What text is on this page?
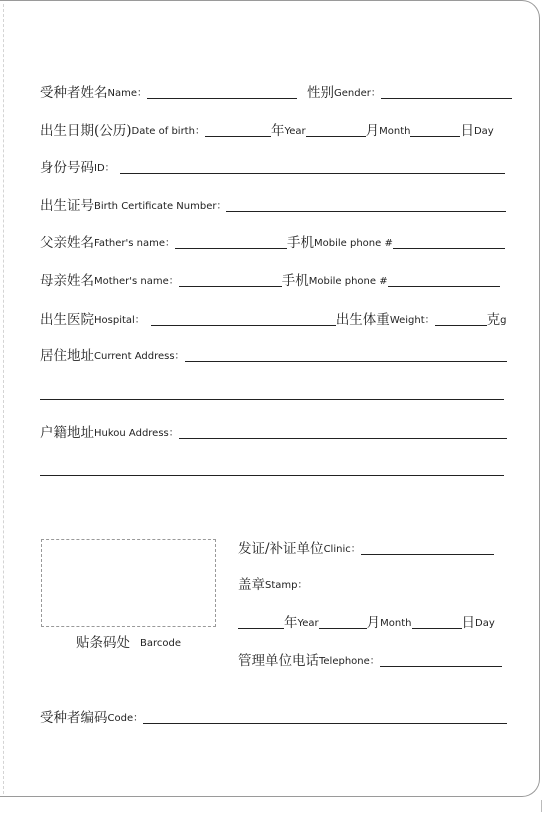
受种者姓名 Name：	性别 Gender：
出生日期(公历) Date of birth：	年 Year	月 Month	日 Day
身份号码 ID：
出生证号 Birth Certificate Number：
父亲姓名 Father's name：	手机 Mobile phone #
母亲姓名 Mother's name：	手机 Mobile phone #
出生医院 Hospital：	出生体重 Weight：	克 g
居住地址 Current Address：
户籍地址 Hukou Address：
贴条码处 Barcode
发证/补证单位 Clinic：
盖章 Stamp：
年 Year	月 Month	日 Day
管理单位电话 Telephone：
受种者编码 Code：
